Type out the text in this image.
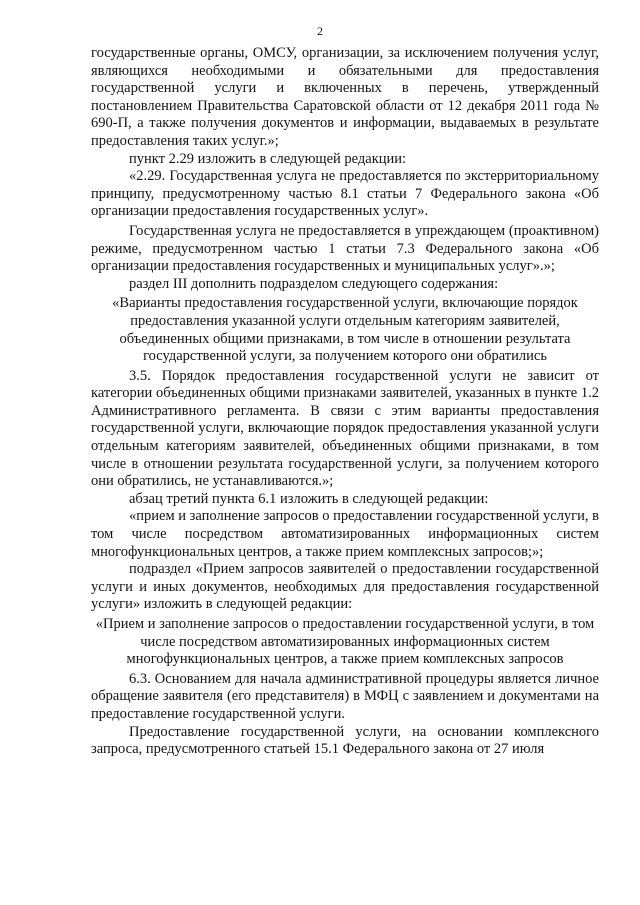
2

государственные органы, ОМСУ, организации, за исключением получения услуг, являющихся необходимыми и обязательными для предоставления государственной услуги и включенных в перечень, утвержденный постановлением Правительства Саратовской области от 12 декабря 2011 года № 690-П, а также получения документов и информации, выдаваемых в результате предоставления таких услуг.»;

пункт 2.29 изложить в следующей редакции:

«2.29. Государственная услуга не предоставляется по экстерриториальному принципу, предусмотренному частью 8.1 статьи 7 Федерального закона «Об организации предоставления государственных услуг».

Государственная услуга не предоставляется в упреждающем (проактивном) режиме, предусмотренном частью 1 статьи 7.3 Федерального закона «Об организации предоставления государственных и муниципальных услуг».»;

раздел III дополнить подразделом следующего содержания:

«Варианты предоставления государственной услуги, включающие порядок предоставления указанной услуги отдельным категориям заявителей, объединенных общими признаками, в том числе в отношении результата государственной услуги, за получением которого они обратились

3.5. Порядок предоставления государственной услуги не зависит от категории объединенных общими признаками заявителей, указанных в пункте 1.2 Административного регламента. В связи с этим варианты предоставления государственной услуги, включающие порядок предоставления указанной услуги отдельным категориям заявителей, объединенных общими признаками, в том числе в отношении результата государственной услуги, за получением которого они обратились, не устанавливаются.»;

абзац третий пункта 6.1 изложить в следующей редакции:

«прием и заполнение запросов о предоставлении государственной услуги, в том числе посредством автоматизированных информационных систем многофункциональных центров, а также прием комплексных запросов;»;

подраздел «Прием запросов заявителей о предоставлении государственной услуги и иных документов, необходимых для предоставления государственной услуги» изложить в следующей редакции:

«Прием и заполнение запросов о предоставлении государственной услуги, в том числе посредством автоматизированных информационных систем многофункциональных центров, а также прием комплексных запросов

6.3. Основанием для начала административной процедуры является личное обращение заявителя (его представителя) в МФЦ с заявлением и документами на предоставление государственной услуги.

Предоставление государственной услуги, на основании комплексного запроса, предусмотренного статьей 15.1 Федерального закона от 27 июля
